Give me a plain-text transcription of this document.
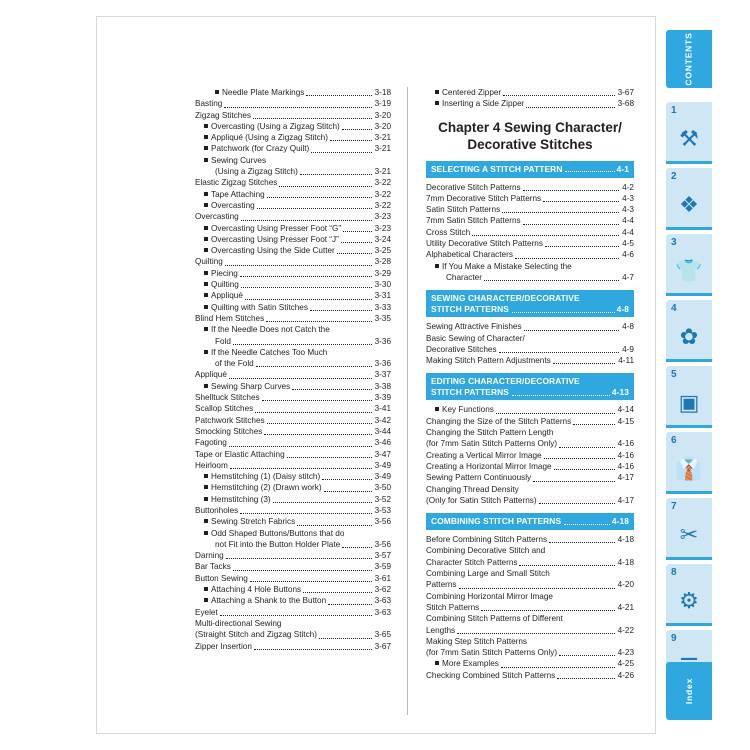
Needle Plate Markings	3-18
Basting	3-19
Zigzag Stitches	3-20
Overcasting (Using a Zigzag Stitch)	3-20
Appliqué (Using a Zigzag Stitch)	3-21
Patchwork (for Crazy Quilt)	3-21
Sewing Curves
(Using a Zigzag Stitch)	3-21
Elastic Zigzag Stitches	3-22
Tape Attaching	3-22
Overcasting	3-22
Overcasting	3-23
Overcasting Using Presser Foot “G”	3-23
Overcasting Using Presser Foot “J”	3-24
Overcasting Using the Side Cutter	3-25
Quilting	3-28
Piecing	3-29
Quilting	3-30
Appliqué	3-31
Quilting with Satin Stitches	3-33
Blind Hem Stitches	3-35
If the Needle Does not Catch the
Fold	3-36
If the Needle Catches Too Much
of the Fold	3-36
Appliqué	3-37
Sewing Sharp Curves	3-38
Shelltuck Stitches	3-39
Scallop Stitches	3-41
Patchwork Stitches	3-42
Smocking Stitches	3-44
Fagoting	3-46
Tape or Elastic Attaching	3-47
Heirloom	3-49
Hemstitching (1) (Daisy stitch)	3-49
Hemstitching (2) (Drawn work)	3-50
Hemstitching (3)	3-52
Buttonholes	3-53
Sewing Stretch Fabrics	3-56
Odd Shaped Buttons/Buttons that do
not Fit into the Button Holder Plate	3-56
Darning	3-57
Bar Tacks	3-59
Button Sewing	3-61
Attaching 4 Hole Buttons	3-62
Attaching a Shank to the Button	3-63
Eyelet	3-63
Multi-directional Sewing
(Straight Stitch and Zigzag Stitch)	3-65
Zipper Insertion	3-67
Centered Zipper	3-67
Inserting a Side Zipper	3-68
Chapter 4 Sewing Character/
Decorative Stitches
SELECTING A STITCH PATTERN	4-1
Decorative Stitch Patterns	4-2
7mm Decorative Stitch Patterns	4-3
Satin Stitch Patterns	4-3
7mm Satin Stitch Patterns	4-4
Cross Stitch	4-4
Utility Decorative Stitch Patterns	4-5
Alphabetical Characters	4-6
If You Make a Mistake Selecting the
Character	4-7
SEWING CHARACTER/DECORATIVE
STITCH PATTERNS	4-8
Sewing Attractive Finishes	4-8
Basic Sewing of Character/
Decorative Stitches	4-9
Making Stitch Pattern Adjustments	4-11
EDITING CHARACTER/DECORATIVE
STITCH PATTERNS	4-13
Key Functions	4-14
Changing the Size of the Stitch Patterns	4-15
Changing the Stitch Pattern Length
(for 7mm Satin Stitch Patterns Only)	4-16
Creating a Vertical Mirror Image	4-16
Creating a Horizontal Mirror Image	4-16
Sewing Pattern Continuously	4-17
Changing Thread Density
(Only for Satin Stitch Patterns)	4-17
COMBINING STITCH PATTERNS	4-18
Before Combining Stitch Patterns	4-18
Combining Decorative Stitch and
Character Stitch Patterns	4-18
Combining Large and Small Stitch
Patterns	4-20
Combining Horizontal Mirror Image
Stitch Patterns	4-21
Combining Stitch Patterns of Different
Lengths	4-22
Making Step Stitch Patterns
(for 7mm Satin Stitch Patterns Only)	4-23
More Examples	4-25
Checking Combined Stitch Patterns	4-26
CONTENTS
1
⚒
2
❖
3
👕
4
✿
5
▣
6
👔
7
✂
8
⚙
9
Index
